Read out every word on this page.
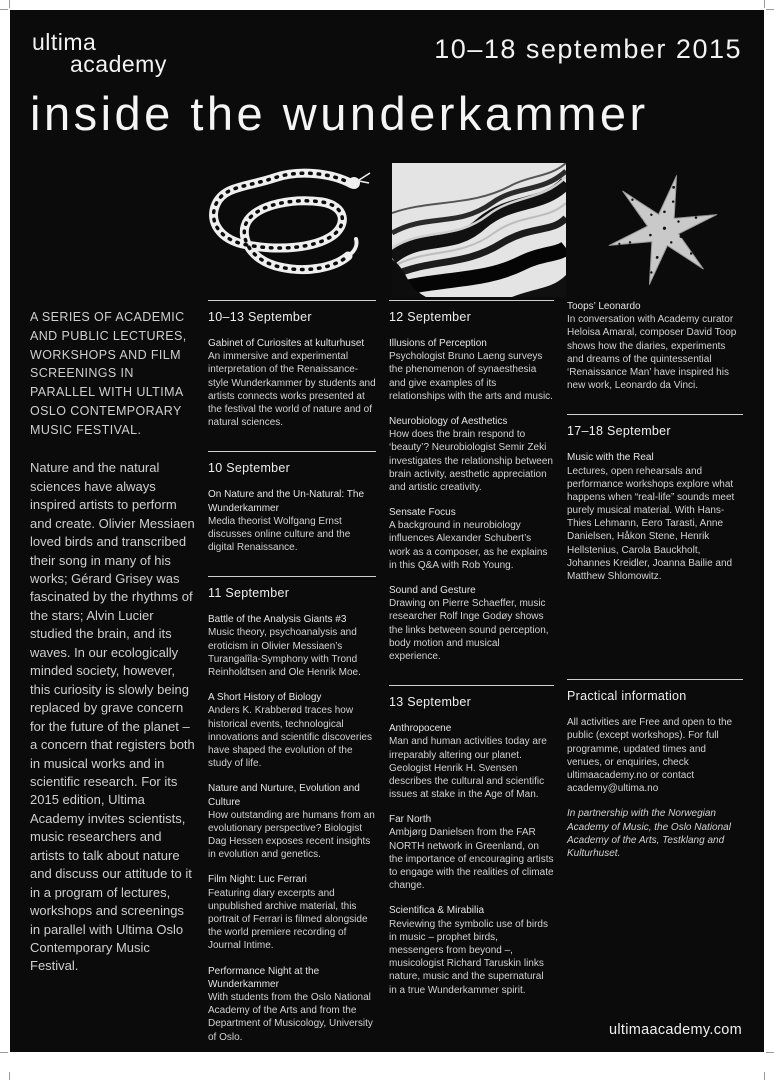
ultima
academy	10–18 september 2015
inside the wunderkammer

A SERIES OF ACADEMIC AND PUBLIC LECTURES, WORKSHOPS AND FILM SCREENINGS IN PARALLEL WITH ULTIMA OSLO CONTEMPORARY MUSIC FESTIVAL.

Nature and the natural sciences have always inspired artists to perform and create. Olivier Messiaen loved birds and transcribed their song in many of his works; Gérard Grisey was fascinated by the rhythms of the stars; Alvin Lucier studied the brain, and its waves. In our ecologically minded society, however, this curiosity is slowly being replaced by grave concern for the future of the planet – a concern that registers both in musical works and in scientific research. For its 2015 edition, Ultima Academy invites scientists, music researchers and artists to talk about nature and discuss our attitude to it in a program of lectures, workshops and screenings in parallel with Ultima Oslo Contemporary Music Festival.

10–13 September

Gabinet of Curiosites at kulturhuset

An immersive and experimental interpretation of the Renaissance-style Wunderkammer by students and artists connects works presented at the festival the world of nature and of natural sciences.

10 September

On Nature and the Un-Natural: The Wunderkammer

Media theorist Wolfgang Ernst discusses online culture and the digital Renaissance.

11 September

Battle of the Analysis Giants #3

Music theory, psychoanalysis and eroticism in Olivier Messiaen’s Turangalîla-Symphony with Trond Reinholdtsen and Ole Henrik Moe.

A Short History of Biology

Anders K. Krabberød traces how historical events, technological innovations and scientific discoveries have shaped the evolution of the study of life.

Nature and Nurture, Evolution and Culture

How outstanding are humans from an evolutionary perspective? Biologist Dag Hessen exposes recent insights in evolution and genetics.

Film Night: Luc Ferrari

Featuring diary excerpts and unpublished archive material, this portrait of Ferrari is filmed alongside the world premiere recording of Journal Intime.

Performance Night at the Wunderkammer

With students from the Oslo National Academy of the Arts and from the Department of Musicology, University of Oslo.

12 September

Illusions of Perception

Psychologist Bruno Laeng surveys the phenomenon of synaesthesia and give examples of its relationships with the arts and music.

Neurobiology of Aesthetics

How does the brain respond to ‘beauty’? Neurobiologist Semir Zeki investigates the relationship between brain activity, aesthetic appreciation and artistic creativity.

Sensate Focus

A background in neurobiology influences Alexander Schubert’s work as a composer, as he explains in this Q&A with Rob Young.

Sound and Gesture

Drawing on Pierre Schaeffer, music researcher Rolf Inge Godøy shows the links between sound perception, body motion and musical experience.

13 September

Anthropocene

Man and human activities today are irreparably altering our planet. Geologist Henrik H. Svensen describes the cultural and scientific issues at stake in the Age of Man.

Far North

Ambjørg Danielsen from the FAR NORTH network in Greenland, on the importance of encouraging artists to engage with the realities of climate change.

Scientifica & Mirabilia

Reviewing the symbolic use of birds in music – prophet birds, messengers from beyond –, musicologist Richard Taruskin links nature, music and the supernatural in a true Wunderkammer spirit.

Toops’ Leonardo

In conversation with Academy curator Heloisa Amaral, composer David Toop shows how the diaries, experiments and dreams of the quintessential ‘Renaissance Man’ have inspired his new work, Leonardo da Vinci.

17–18 September

Music with the Real

Lectures, open rehearsals and performance workshops explore what happens when “real-life” sounds meet purely musical material. With Hans-Thies Lehmann, Eero Tarasti, Anne Danielsen, Håkon Stene, Henrik Hellstenius, Carola Bauckholt, Johannes Kreidler, Joanna Bailie and Matthew Shlomowitz.

Practical information

All activities are Free and open to the public (except workshops). For full programme, updated times and venues, or enquiries, check ultimaacademy.no or contact academy@ultima.no

In partnership with the Norwegian Academy of Music, the Oslo National Academy of the Arts, Testklang and Kulturhuset.

ultimaacademy.com
